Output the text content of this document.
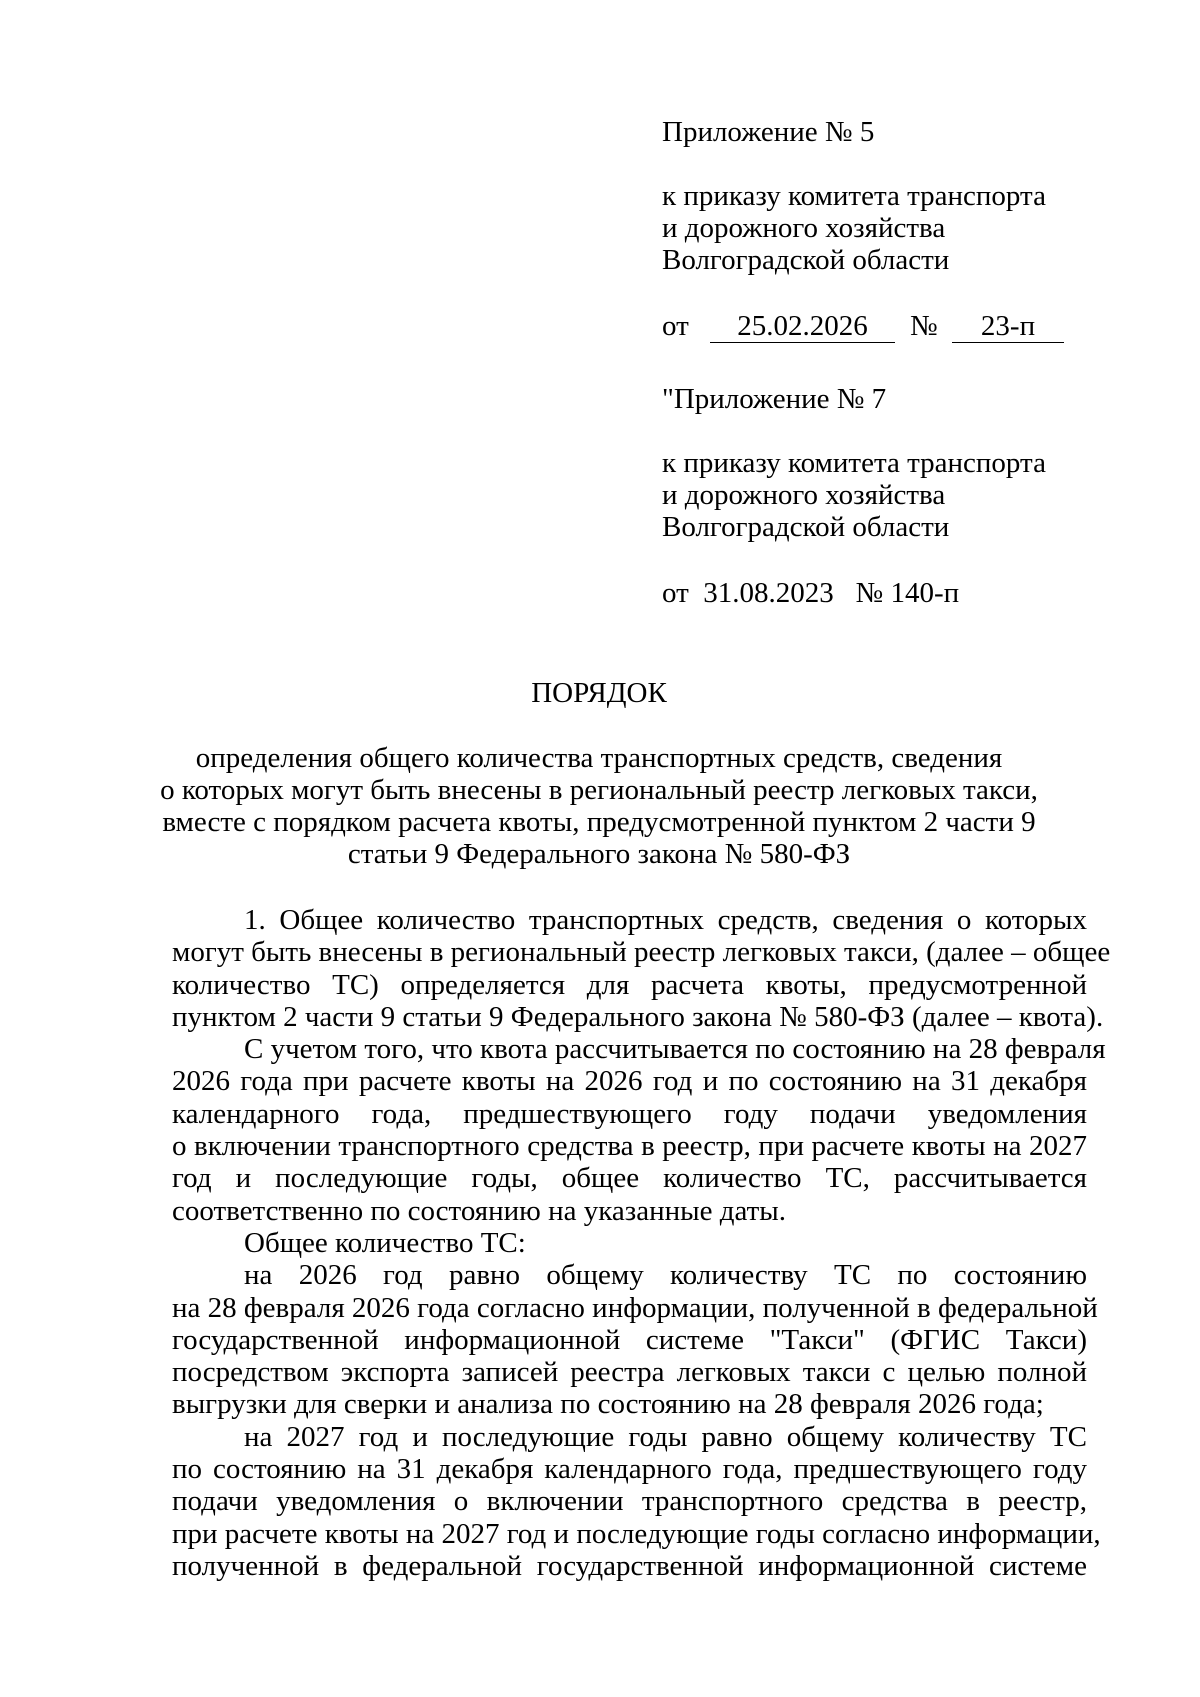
Приложение № 5
к приказу комитета транспорта
и дорожного хозяйства
Волгоградской области
от	25.02.2026	№	23-п
"Приложение № 7
к приказу комитета транспорта
и дорожного хозяйства
Волгоградской области
от  31.08.2023   № 140-п
ПОРЯДОК
определения общего количества транспортных средств, сведения
о которых могут быть внесены в региональный реестр легковых такси,
вместе с порядком расчета квоты, предусмотренной пунктом 2 части 9
статьи 9 Федерального закона № 580-ФЗ
1. Общее количество транспортных средств, сведения о которых
могут быть внесены в региональный реестр легковых такси, (далее – общее
количество ТС) определяется для расчета квоты, предусмотренной
пунктом 2 части 9 статьи 9 Федерального закона № 580-ФЗ (далее – квота).
С учетом того, что квота рассчитывается по состоянию на 28 февраля
2026 года при расчете квоты на 2026 год и по состоянию на 31 декабря
календарного года, предшествующего году подачи уведомления
о включении транспортного средства в реестр, при расчете квоты на 2027
год и последующие годы, общее количество ТС, рассчитывается
соответственно по состоянию на указанные даты.
Общее количество ТС:
на 2026 год равно общему количеству ТС по состоянию
на 28 февраля 2026 года согласно информации, полученной в федеральной
государственной информационной системе "Такси" (ФГИС Такси)
посредством экспорта записей реестра легковых такси с целью полной
выгрузки для сверки и анализа по состоянию на 28 февраля 2026 года;
на 2027 год и последующие годы равно общему количеству ТС
по состоянию на 31 декабря календарного года, предшествующего году
подачи уведомления о включении транспортного средства в реестр,
при расчете квоты на 2027 год и последующие годы согласно информации,
полученной в федеральной государственной информационной системе
